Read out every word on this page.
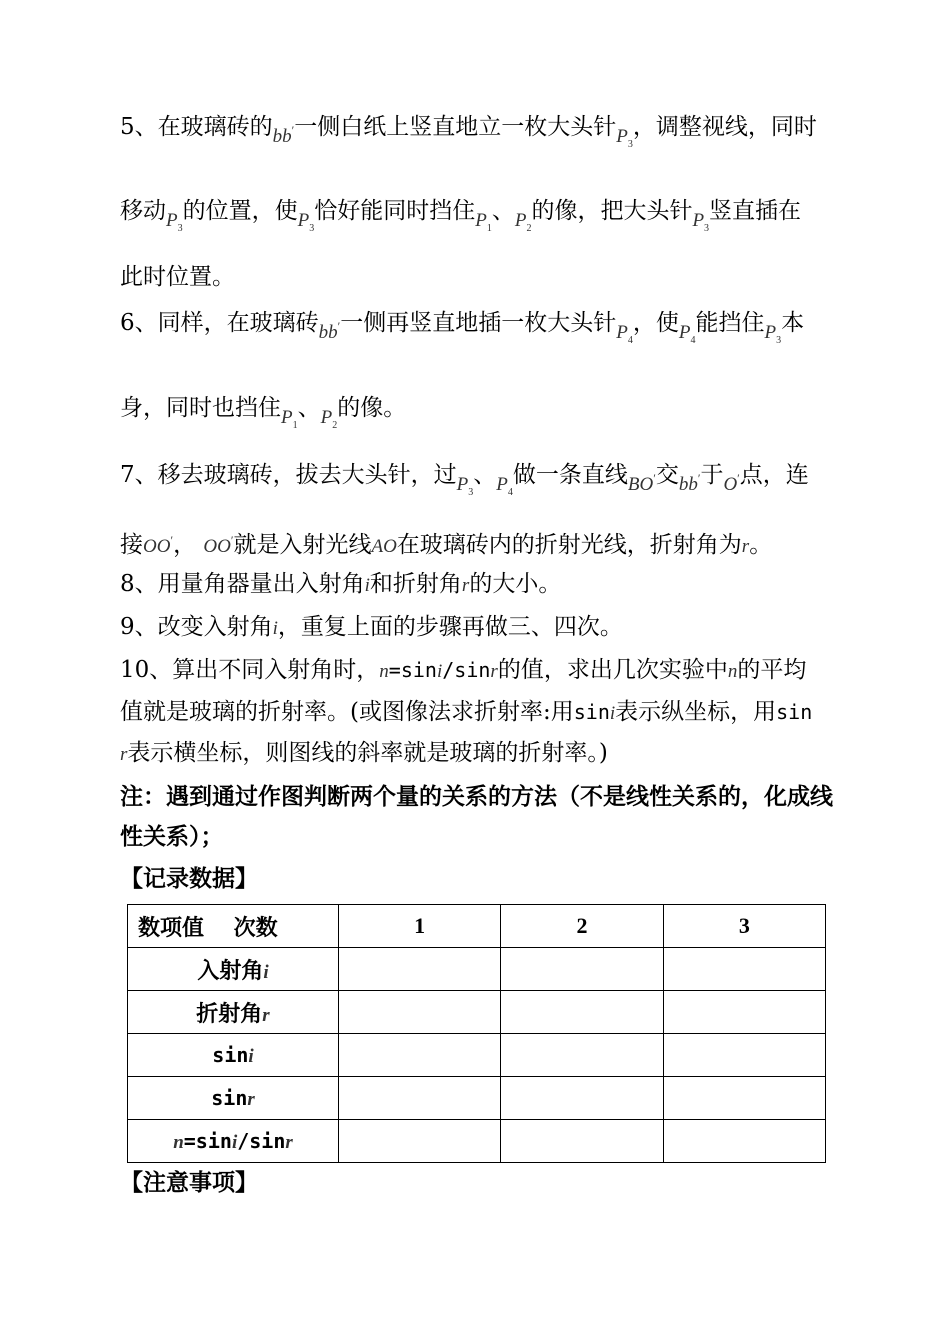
5、在玻璃砖的$_{bb'}$一侧白纸上竖直地立一枚大头针$_{P_3}$，调整视线，同时
移动$_{P_3}$的位置，使$_{P_3}$恰好能同时挡住$_{P_1}$、$_{P_2}$的像，把大头针$_{P_3}$竖直插在
此时位置。
6、同样，在玻璃砖$_{bb'}$一侧再竖直地插一枚大头针$_{P_4}$，使$_{P_4}$能挡住$_{P_3}$本
身，同时也挡住$_{P_1}$、$_{P_2}$的像。
7、移去玻璃砖，拔去大头针，过$_{P_3}$、$_{P_4}$做一条直线$_{BO'}$交$_{bb'}$于$_{O'}$点，连
接OO′， OO′就是入射光线AO在玻璃砖内的折射光线，折射角为r。
8、用量角器量出入射角i和折射角r的大小。
9、改变入射角i，重复上面的步骤再做三、四次。
10、算出不同入射角时，n=sini/sinr的值，求出几次实验中n的平均
值就是玻璃的折射率。(或图像法求折射率:用sini表示纵坐标，用sin
r表示横坐标，则图线的斜率就是玻璃的折射率。)
注：遇到通过作图判断两个量的关系的方法（不是线性关系的，化成线
性关系）；
【记录数据】
数项值　 次数	1	2	3
入射角i			
折射角r			
sini			
sinr			
n=sini/sinr			
【注意事项】
